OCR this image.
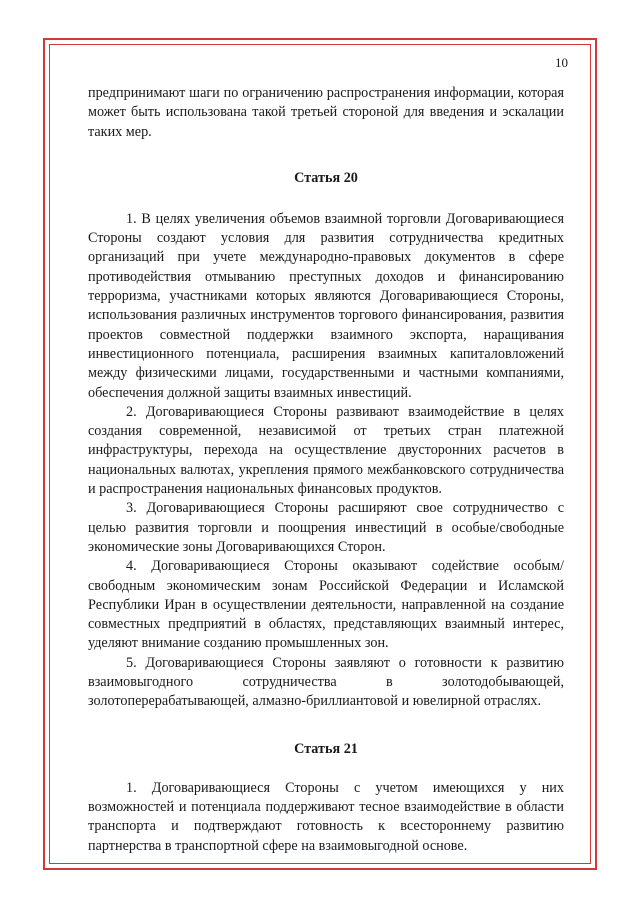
10

предпринимают шаги по ограничению распространения информации, которая может быть использована такой третьей стороной для введения и эскалации таких мер.

Статья 20

1. В целях увеличения объемов взаимной торговли Договаривающиеся Стороны создают условия для развития сотрудничества кредитных организаций при учете международно-правовых документов в сфере противодействия отмыванию преступных доходов и финансированию терроризма, участниками которых являются Договаривающиеся Стороны, использования различных инструментов торгового финансирования, развития проектов совместной поддержки взаимного экспорта, наращивания инвестиционного потенциала, расширения взаимных капиталовложений между физическими лицами, государственными и частными компаниями, обеспечения должной защиты взаимных инвестиций.

2. Договаривающиеся Стороны развивают взаимодействие в целях создания современной, независимой от третьих стран платежной инфраструктуры, перехода на осуществление двусторонних расчетов в национальных валютах, укрепления прямого межбанковского сотрудничества и распространения национальных финансовых продуктов.

3. Договаривающиеся Стороны расширяют свое сотрудничество с целью развития торговли и поощрения инвестиций в особые/свободные экономические зоны Договаривающихся Сторон.

4. Договаривающиеся Стороны оказывают содействие особым/свободным экономическим зонам Российской Федерации и Исламской Республики Иран в осуществлении деятельности, направленной на создание совместных предприятий в областях, представляющих взаимный интерес, уделяют внимание созданию промышленных зон.

5. Договаривающиеся Стороны заявляют о готовности к развитию взаимовыгодного сотрудничества в золотодобывающей, золотоперерабатывающей, алмазно-бриллиантовой и ювелирной отраслях.

Статья 21

1. Договаривающиеся Стороны с учетом имеющихся у них возможностей и потенциала поддерживают тесное взаимодействие в области транспорта и подтверждают готовность к всестороннему развитию партнерства в транспортной сфере на взаимовыгодной основе.
